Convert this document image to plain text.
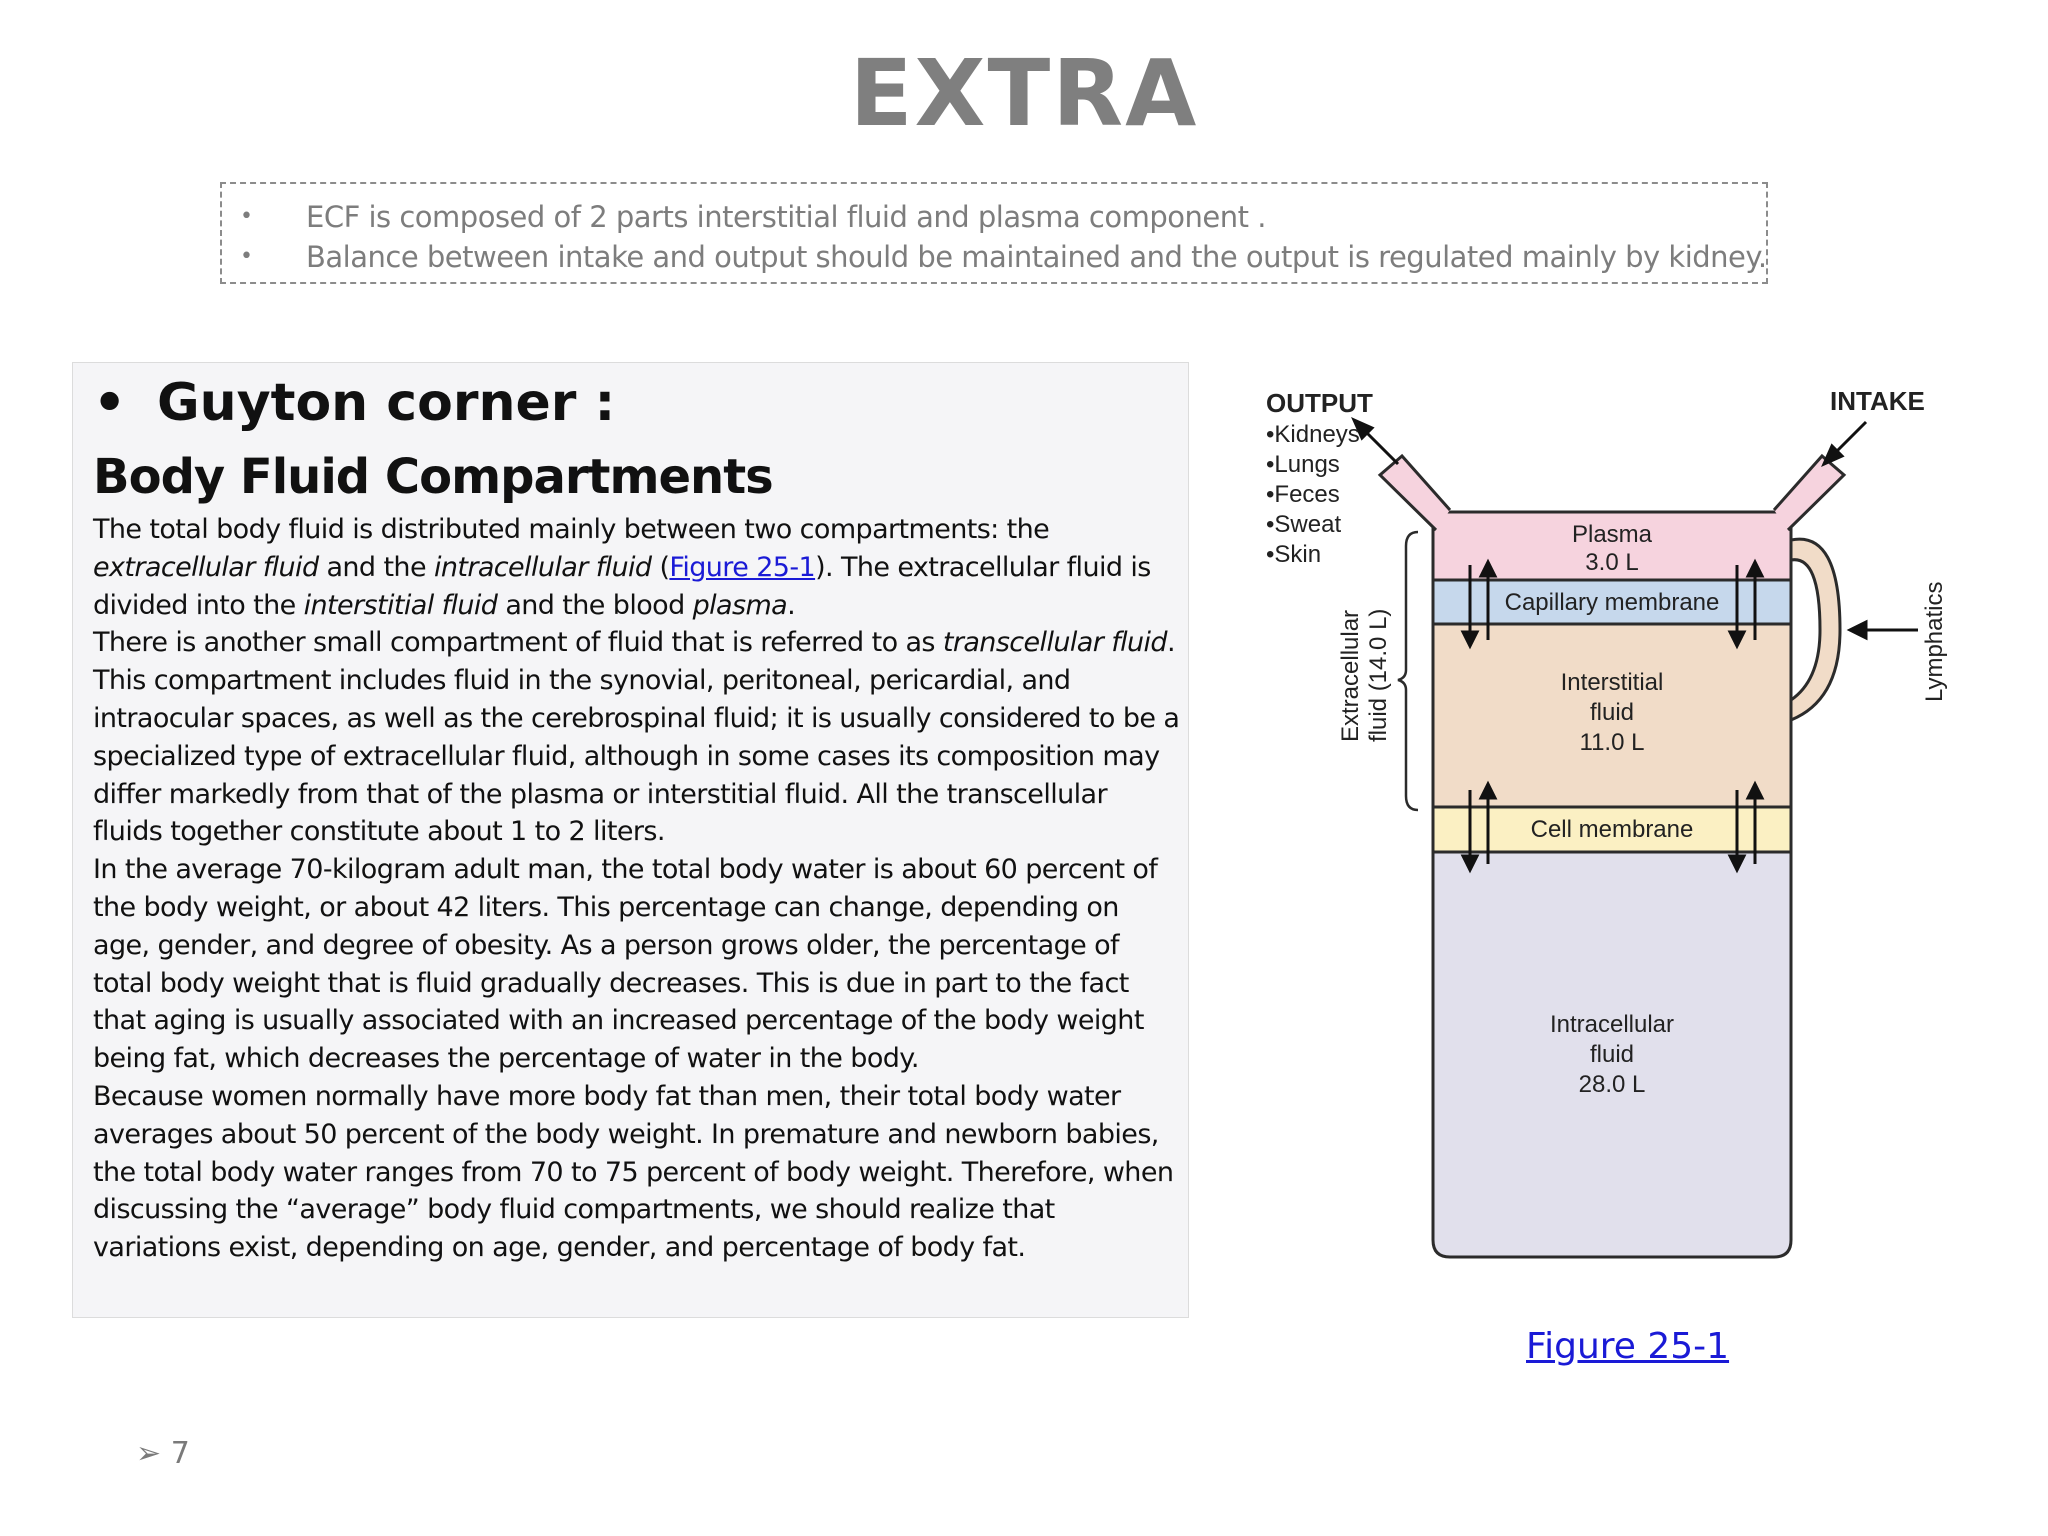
EXTRA
• ECF is composed of 2 parts interstitial fluid and plasma component .
• Balance between intake and output should be maintained and the output is regulated mainly by kidney.
• Guyton corner :
Body Fluid Compartments

The total body fluid is distributed mainly between two compartments: the extracellular fluid and the intracellular fluid (Figure 25-1). The extracellular fluid is divided into the interstitial fluid and the blood plasma.

There is another small compartment of fluid that is referred to as transcellular fluid. This compartment includes fluid in the synovial, peritoneal, pericardial, and intraocular spaces, as well as the cerebrospinal fluid; it is usually considered to be a specialized type of extracellular fluid, although in some cases its composition may differ markedly from that of the plasma or interstitial fluid. All the transcellular fluids together constitute about 1 to 2 liters.

In the average 70-kilogram adult man, the total body water is about 60 percent of the body weight, or about 42 liters. This percentage can change, depending on age, gender, and degree of obesity. As a person grows older, the percentage of total body weight that is fluid gradually decreases. This is due in part to the fact that aging is usually associated with an increased percentage of the body weight being fat, which decreases the percentage of water in the body.

Because women normally have more body fat than men, their total body water averages about 50 percent of the body weight. In premature and newborn babies, the total body water ranges from 70 to 75 percent of body weight. Therefore, when discussing the “average” body fluid compartments, we should realize that variations exist, depending on age, gender, and percentage of body fat.

OUTPUT
•Kidneys
•Lungs
•Feces
•Sweat
•Skin
INTAKE
Plasma
3.0 L
Capillary membrane
Interstitial
fluid
11.0 L
Cell membrane
Intracellular
fluid
28.0 L
Extracellular fluid (14.0 L)	Lymphatics
Figure 25-1
➢ 7
